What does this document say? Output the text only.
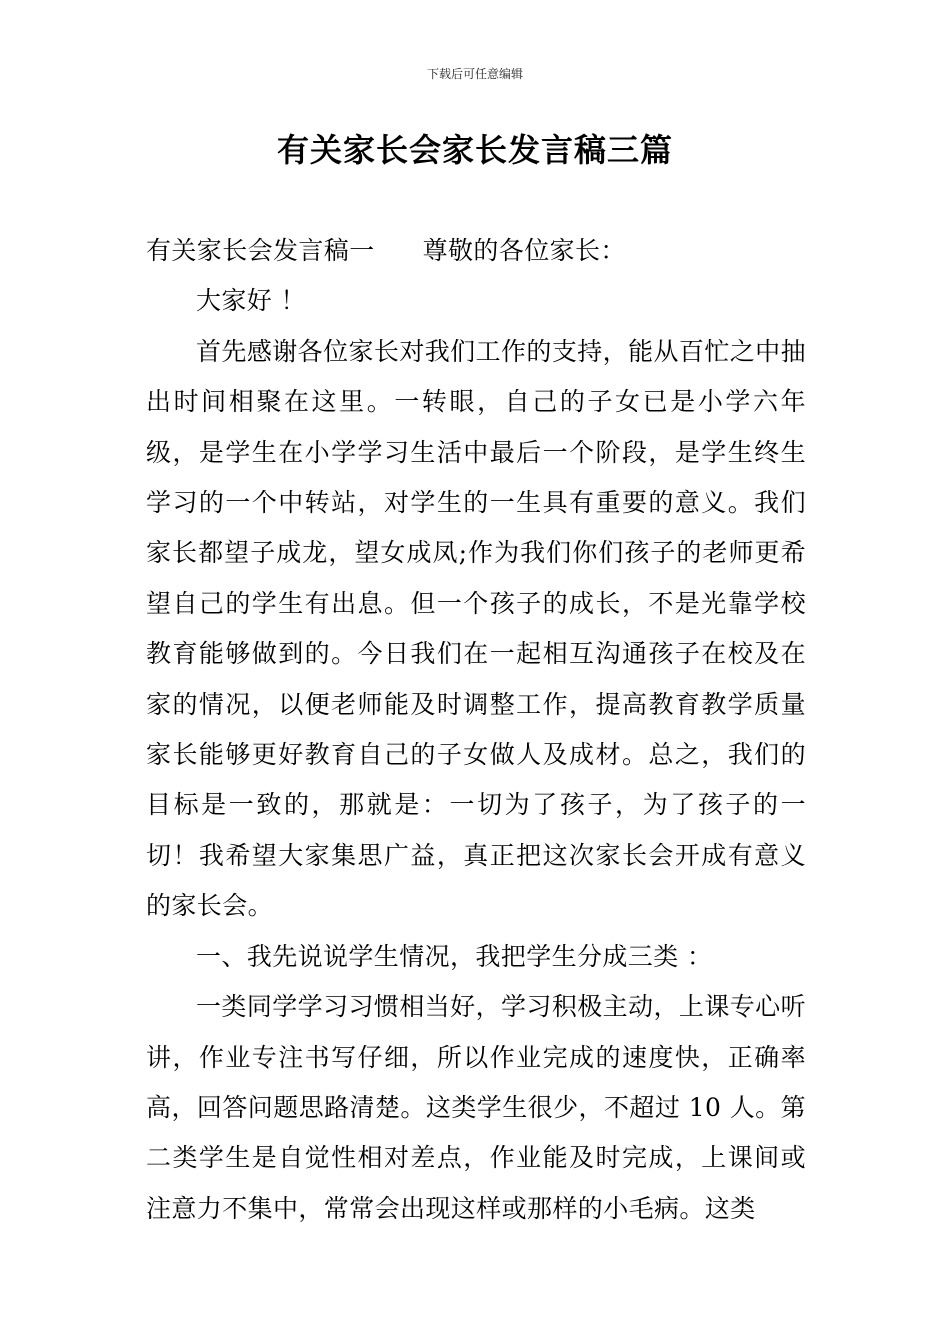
下载后可任意编辑
有关家长会家长发言稿三篇

有关家长会发言稿一 尊敬的各位家长：

大家好 ！

首先感谢各位家长对我们工作的支持，能从百忙之中抽出时间相聚在这里。一转眼，自己的子女已是小学六年级，是学生在小学学习生活中最后一个阶段，是学生终生学习的一个中转站，对学生的一生具有重要的意义。我们家长都望子成龙，望女成凤;作为我们你们孩子的老师更希望自己的学生有出息。但一个孩子的成长，不是光靠学校教育能够做到的。今日我们在一起相互沟通孩子在校及在家的情况，以便老师能及时调整工作，提高教育教学质量家长能够更好教育自己的子女做人及成材。总之，我们的目标是一致的，那就是：一切为了孩子，为了孩子的一切！我希望大家集思广益，真正把这次家长会开成有意义的家长会。

一、我先说说学生情况，我把学生分成三类 ：

一类同学学习习惯相当好，学习积极主动，上课专心听讲，作业专注书写仔细，所以作业完成的速度快，正确率高，回答问题思路清楚。这类学生很少，不超过 10 人。第二类学生是自觉性相对差点，作业能及时完成，上课间或注意力不集中，常常会出现这样或那样的小毛病。这类
